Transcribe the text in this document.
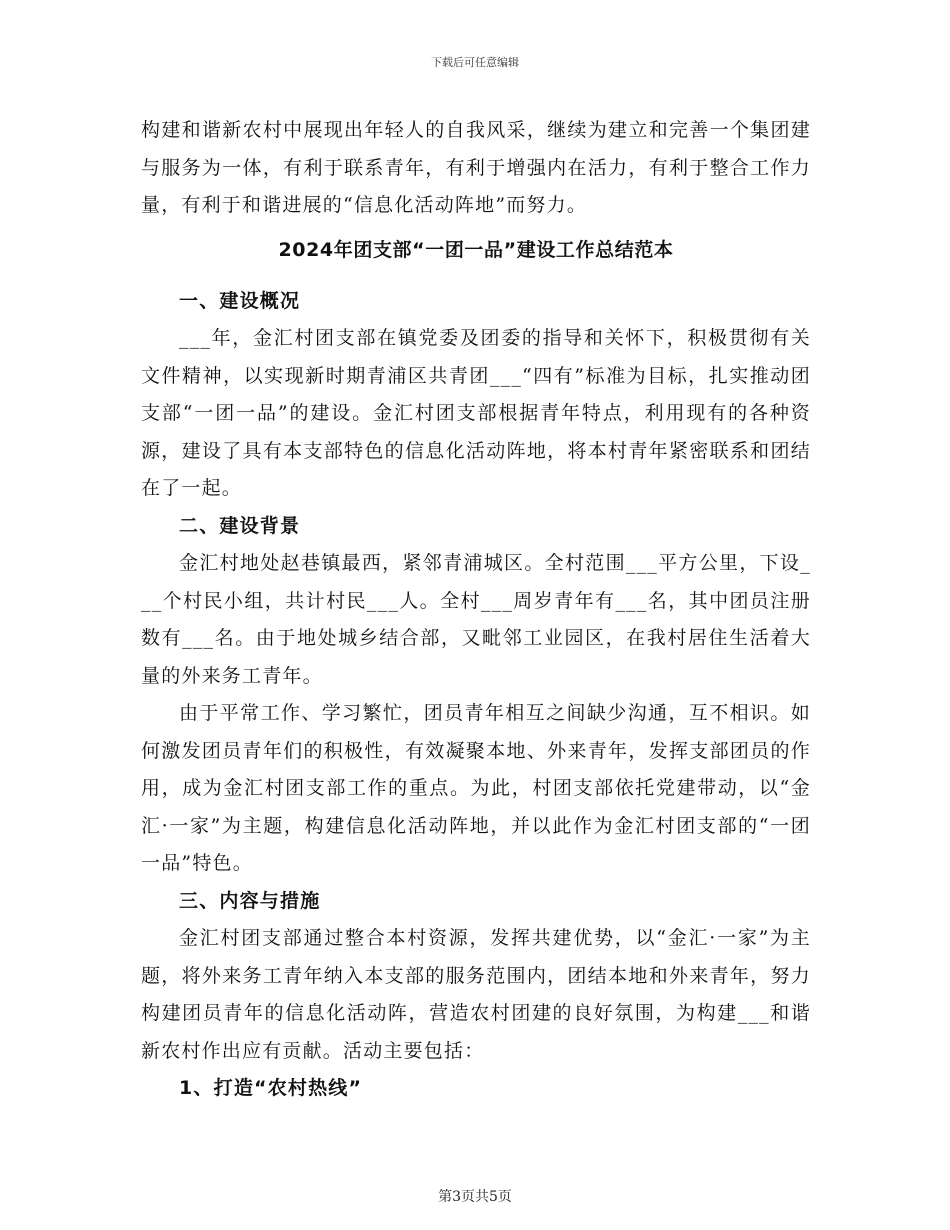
下载后可任意编辑

构建和谐新农村中展现出年轻人的自我风采，继续为建立和完善一个集团建与服务为一体，有利于联系青年，有利于增强内在活力，有利于整合工作力量，有利于和谐进展的“信息化活动阵地”而努力。

2024年团支部“一团一品”建设工作总结范本
一、建设概况

___年，金汇村团支部在镇党委及团委的指导和关怀下，积极贯彻有关文件精神，以实现新时期青浦区共青团___“四有”标准为目标，扎实推动团支部“一团一品”的建设。金汇村团支部根据青年特点，利用现有的各种资源，建设了具有本支部特色的信息化活动阵地，将本村青年紧密联系和团结在了一起。

二、建设背景

金汇村地处赵巷镇最西，紧邻青浦城区。全村范围___平方公里，下设___个村民小组，共计村民___人。全村___周岁青年有___名，其中团员注册数有___名。由于地处城乡结合部，又毗邻工业园区，在我村居住生活着大量的外来务工青年。

由于平常工作、学习繁忙，团员青年相互之间缺少沟通，互不相识。如何激发团员青年们的积极性，有效凝聚本地、外来青年，发挥支部团员的作用，成为金汇村团支部工作的重点。为此，村团支部依托党建带动，以“金汇·一家”为主题，构建信息化活动阵地，并以此作为金汇村团支部的“一团一品”特色。

三、内容与措施

金汇村团支部通过整合本村资源，发挥共建优势，以“金汇·一家”为主题，将外来务工青年纳入本支部的服务范围内，团结本地和外来青年，努力构建团员青年的信息化活动阵，营造农村团建的良好氛围，为构建___和谐新农村作出应有贡献。活动主要包括：

1、打造“农村热线”
第3页共5页
